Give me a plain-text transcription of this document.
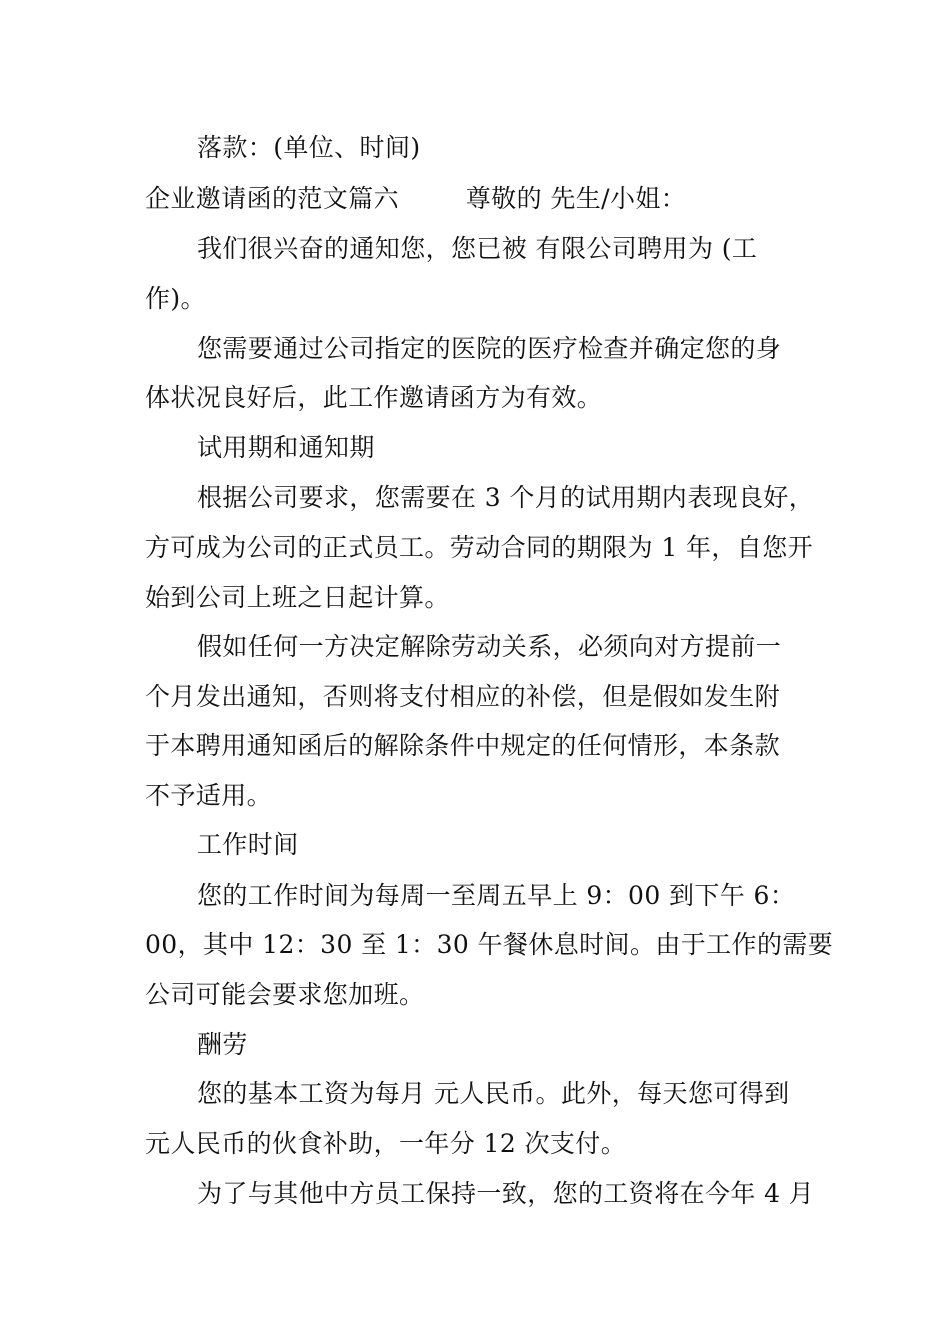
落款：(单位、时间)
企业邀请函的范文篇六        尊敬的 先生/小姐：
我们很兴奋的通知您，您已被 有限公司聘用为 (工
作)。
您需要通过公司指定的医院的医疗检查并确定您的身
体状况良好后，此工作邀请函方为有效。
试用期和通知期
根据公司要求，您需要在 3 个月的试用期内表现良好，
方可成为公司的正式员工。劳动合同的期限为 1 年，自您开
始到公司上班之日起计算。
假如任何一方决定解除劳动关系，必须向对方提前一
个月发出通知，否则将支付相应的补偿，但是假如发生附
于本聘用通知函后的解除条件中规定的任何情形，本条款
不予适用。
工作时间
您的工作时间为每周一至周五早上 9：00 到下午 6：
00，其中 12：30 至 1：30 午餐休息时间。由于工作的需要
公司可能会要求您加班。
酬劳
您的基本工资为每月 元人民币。此外，每天您可得到
元人民币的伙食补助，一年分 12 次支付。
为了与其他中方员工保持一致，您的工资将在今年 4 月
